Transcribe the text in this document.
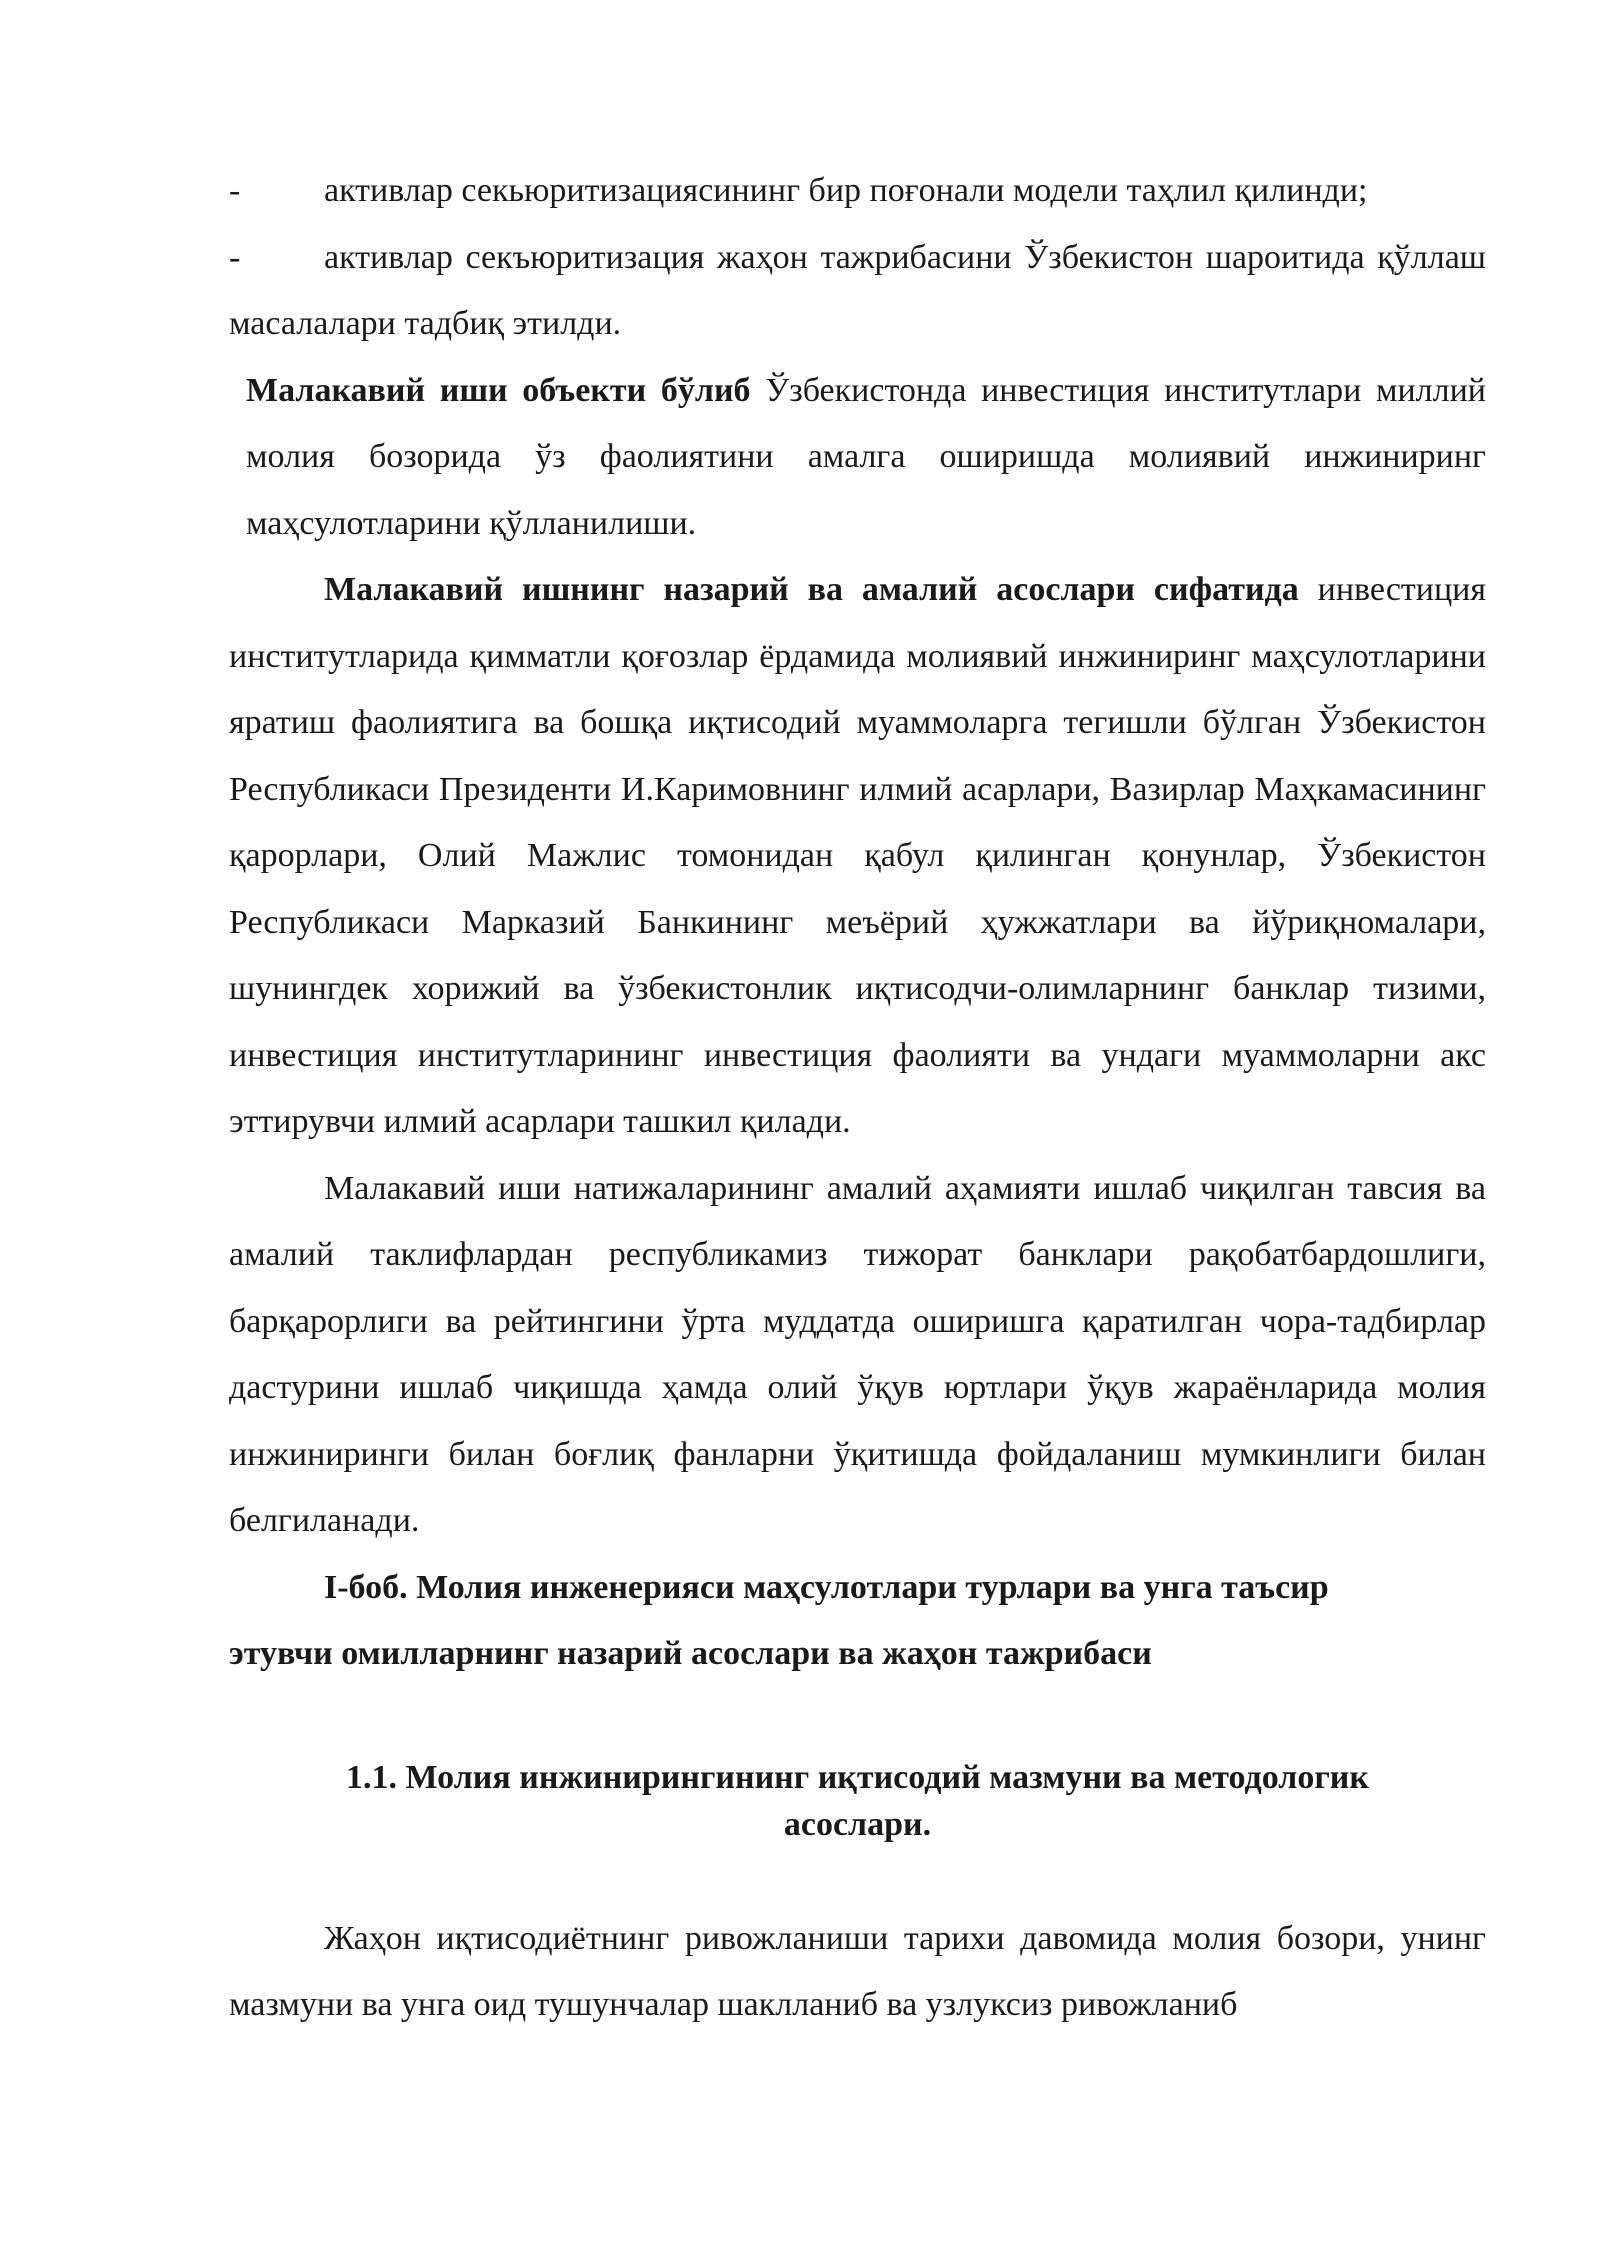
-	активлар секьюритизациясининг бир поғонали модели таҳлил қилинди;

- активлар секъюритизация жаҳон тажрибасини Ўзбекистон шароитида қўллаш масалалари тадбиқ этилди.

Малакавий иши объекти бўлиб Ўзбекистонда инвестиция институтлари миллий молия бозорида ўз фаолиятини амалга оширишда молиявий инжиниринг маҳсулотларини қўлланилиши.

Малакавий ишнинг назарий ва амалий асослари сифатида инвестиция институтларида қимматли қоғозлар ёрдамида молиявий инжиниринг маҳсулотларини яратиш фаолиятига ва бошқа иқтисодий муаммоларга тегишли бўлган Ўзбекистон Республикаси Президенти И.Каримовнинг илмий асарлари, Вазирлар Маҳкамасининг қарорлари, Олий Мажлис томонидан қабул қилинган қонунлар, Ўзбекистон Республикаси Марказий Банкининг меъёрий ҳужжатлари ва йўриқномалари, шунингдек хорижий ва ўзбекистонлик иқтисодчи-олимларнинг банклар тизими, инвестиция институтларининг инвестиция фаолияти ва ундаги муаммоларни акс эттирувчи илмий асарлари ташкил қилади.

Малакавий иши натижаларининг амалий аҳамияти ишлаб чиқилган тавсия ва амалий таклифлардан республикамиз тижорат банклари рақобатбардошлиги, барқарорлиги ва рейтингини ўрта муддатда оширишга қаратилган чора-тадбирлар дастурини ишлаб чиқишда ҳамда олий ўқув юртлари ўқув жараёнларида молия инжиниринги билан боғлиқ фанларни ўқитишда фойдаланиш мумкинлиги билан белгиланади.

I-боб. Молия инженерияси маҳсулотлари турлари ва унга таъсир
этувчи омилларнинг назарий асослари ва жаҳон тажрибаси
1.1. Молия инжинирингининг иқтисодий мазмуни ва методологик
асослари.

Жаҳон иқтисодиётнинг ривожланиши тарихи давомида молия бозори, унинг мазмуни ва унга оид тушунчалар шаклланиб ва узлуксиз ривожланиб
